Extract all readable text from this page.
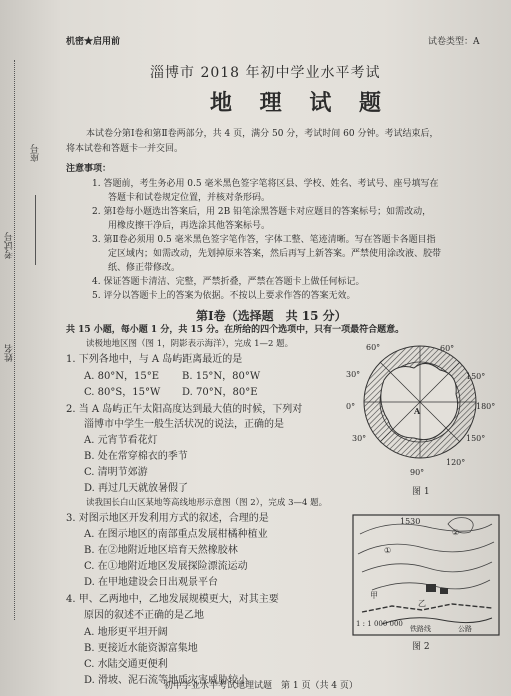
座号
考试号
姓名
机密★启用前	试卷类型：A
淄博市 2018 年初中学业水平考试
地 理 试 题
本试卷分第Ⅰ卷和第Ⅱ卷两部分，共 4 页，满分 50 分，考试时间 60 分钟。考试结束后，
将本试卷和答题卡一并交回。
注意事项：
1. 答题前，考生务必用 0.5 毫米黑色签字笔将区县、学校、姓名、考试号、座号填写在
答题卡和试卷规定位置，并核对条形码。
2. 第Ⅰ卷每小题选出答案后，用 2B 铅笔涂黑答题卡对应题目的答案标号；如需改动，
用橡皮擦干净后，再选涂其他答案标号。
3. 第Ⅱ卷必须用 0.5 毫米黑色签字笔作答，字体工整、笔迹清晰。写在答题卡各题目指
定区域内；如需改动，先划掉原来答案，然后再写上新答案。严禁使用涂改液、胶带
纸、修正带修改。
4. 保证答题卡清洁、完整，严禁折叠，严禁在答题卡上做任何标记。
5. 评分以答题卡上的答案为依据。不按以上要求作答的答案无效。
第Ⅰ卷（选择题　共 15 分）
共 15 小题，每小题 1 分，共 15 分。在所给的四个选项中，只有一项最符合题意。
读极地地区图（图 1，阴影表示海洋），完成 1—2 题。
1. 下列各地中，与 A 岛屿距离最近的是
A. 80°N，15°E B. 15°N，80°W
C. 80°S，15°W D. 70°N，80°E
2. 当 A 岛屿正午太阳高度达到最大值的时候，下列对
淄博市中学生一般生活状况的说法，正确的是
A. 元宵节看花灯
B. 处在常穿棉衣的季节
C. 清明节郊游
D. 再过几天就放暑假了
读我国长白山区某地等高线地形示意图（图 2），完成 3—4 题。
3. 对图示地区开发利用方式的叙述，合理的是
A. 在图示地区的南部重点发展柑橘种植业
B. 在②地附近地区培育天然橡胶林
C. 在①地附近地区发展探险漂流运动
D. 在甲地建设会日出观景平台
4. 甲、乙两地中，乙地发展规模更大，对其主要
原因的叙述不正确的是乙地
A. 地形更平坦开阔
B. 更接近水能资源富集地
C. 水陆交通更便利
D. 滑坡、泥石流等地质灾害威胁较小
60°
30°
0°
30°
150°
180°
150°
120°
90°
60°
A
图 1
1530
①
②
甲
乙
1 : 1 000 000
铁路线	公路
图 2
初中学业水平考试地理试题　第 1 页（共 4 页）
